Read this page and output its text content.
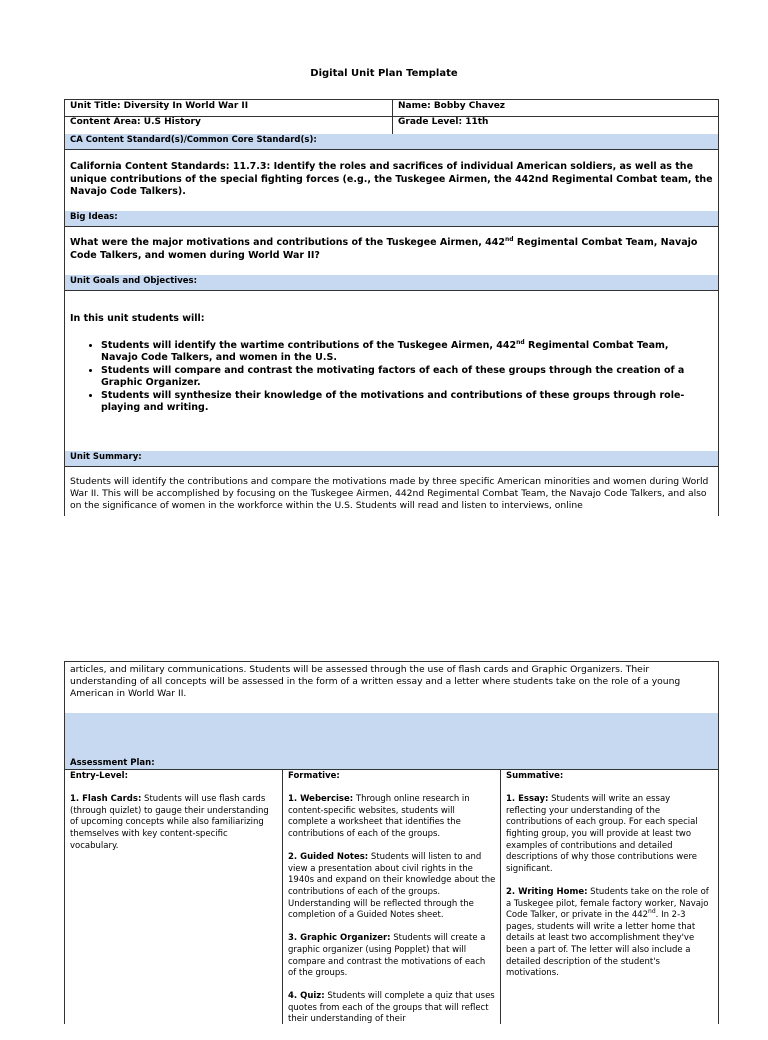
Digital Unit Plan Template
Unit Title: Diversity In World War II	Name: Bobby Chavez
Content Area: U.S History	Grade Level: 11th
CA Content Standard(s)/Common Core Standard(s):
California Content Standards: 11.7.3: Identify the roles and sacrifices of individual American soldiers, as well as the unique contributions of the special fighting forces (e.g., the Tuskegee Airmen, the 442nd Regimental Combat team, the Navajo Code Talkers).
Big Ideas:
What were the major motivations and contributions of the Tuskegee Airmen, 442nd Regimental Combat Team, Navajo Code Talkers, and women during World War II?
Unit Goals and Objectives:
In this unit students will:
• Students will identify the wartime contributions of the Tuskegee Airmen, 442nd Regimental Combat Team, Navajo Code Talkers, and women in the U.S.
• Students will compare and contrast the motivating factors of each of these groups through the creation of a Graphic Organizer.
• Students will synthesize their knowledge of the motivations and contributions of these groups through role-playing and writing.
Unit Summary:
Students will identify the contributions and compare the motivations made by three specific American minorities and women during World War II. This will be accomplished by focusing on the Tuskegee Airmen, 442nd Regimental Combat Team, the Navajo Code Talkers, and also on the significance of women in the workforce within the U.S. Students will read and listen to interviews, online
articles, and military communications. Students will be assessed through the use of flash cards and Graphic Organizers. Their understanding of all concepts will be assessed in the form of a written essay and a letter where students take on the role of a young American in World War II.
Assessment Plan:

Entry-Level:

1. Flash Cards: Students will use flash cards (through quizlet) to gauge their understanding of upcoming concepts while also familiarizing themselves with key content-specific vocabulary.

Formative:

1. Webercise: Through online research in content-specific websites, students will complete a worksheet that identifies the contributions of each of the groups.

2. Guided Notes: Students will listen to and view a presentation about civil rights in the 1940s and expand on their knowledge about the contributions of each of the groups. Understanding will be reflected through the completion of a Guided Notes sheet.

3. Graphic Organizer: Students will create a graphic organizer (using Popplet) that will compare and contrast the motivations of each of the groups.

4. Quiz: Students will complete a quiz that uses quotes from each of the groups that will reflect their understanding of their

Summative:

1. Essay: Students will write an essay reflecting your understanding of the contributions of each group. For each special fighting group, you will provide at least two examples of contributions and detailed descriptions of why those contributions were significant.

2. Writing Home: Students take on the role of a Tuskegee pilot, female factory worker, Navajo Code Talker, or private in the 442nd. In 2-3 pages, students will write a letter home that details at least two accomplishment they've been a part of. The letter will also include a detailed description of the student's motivations.
